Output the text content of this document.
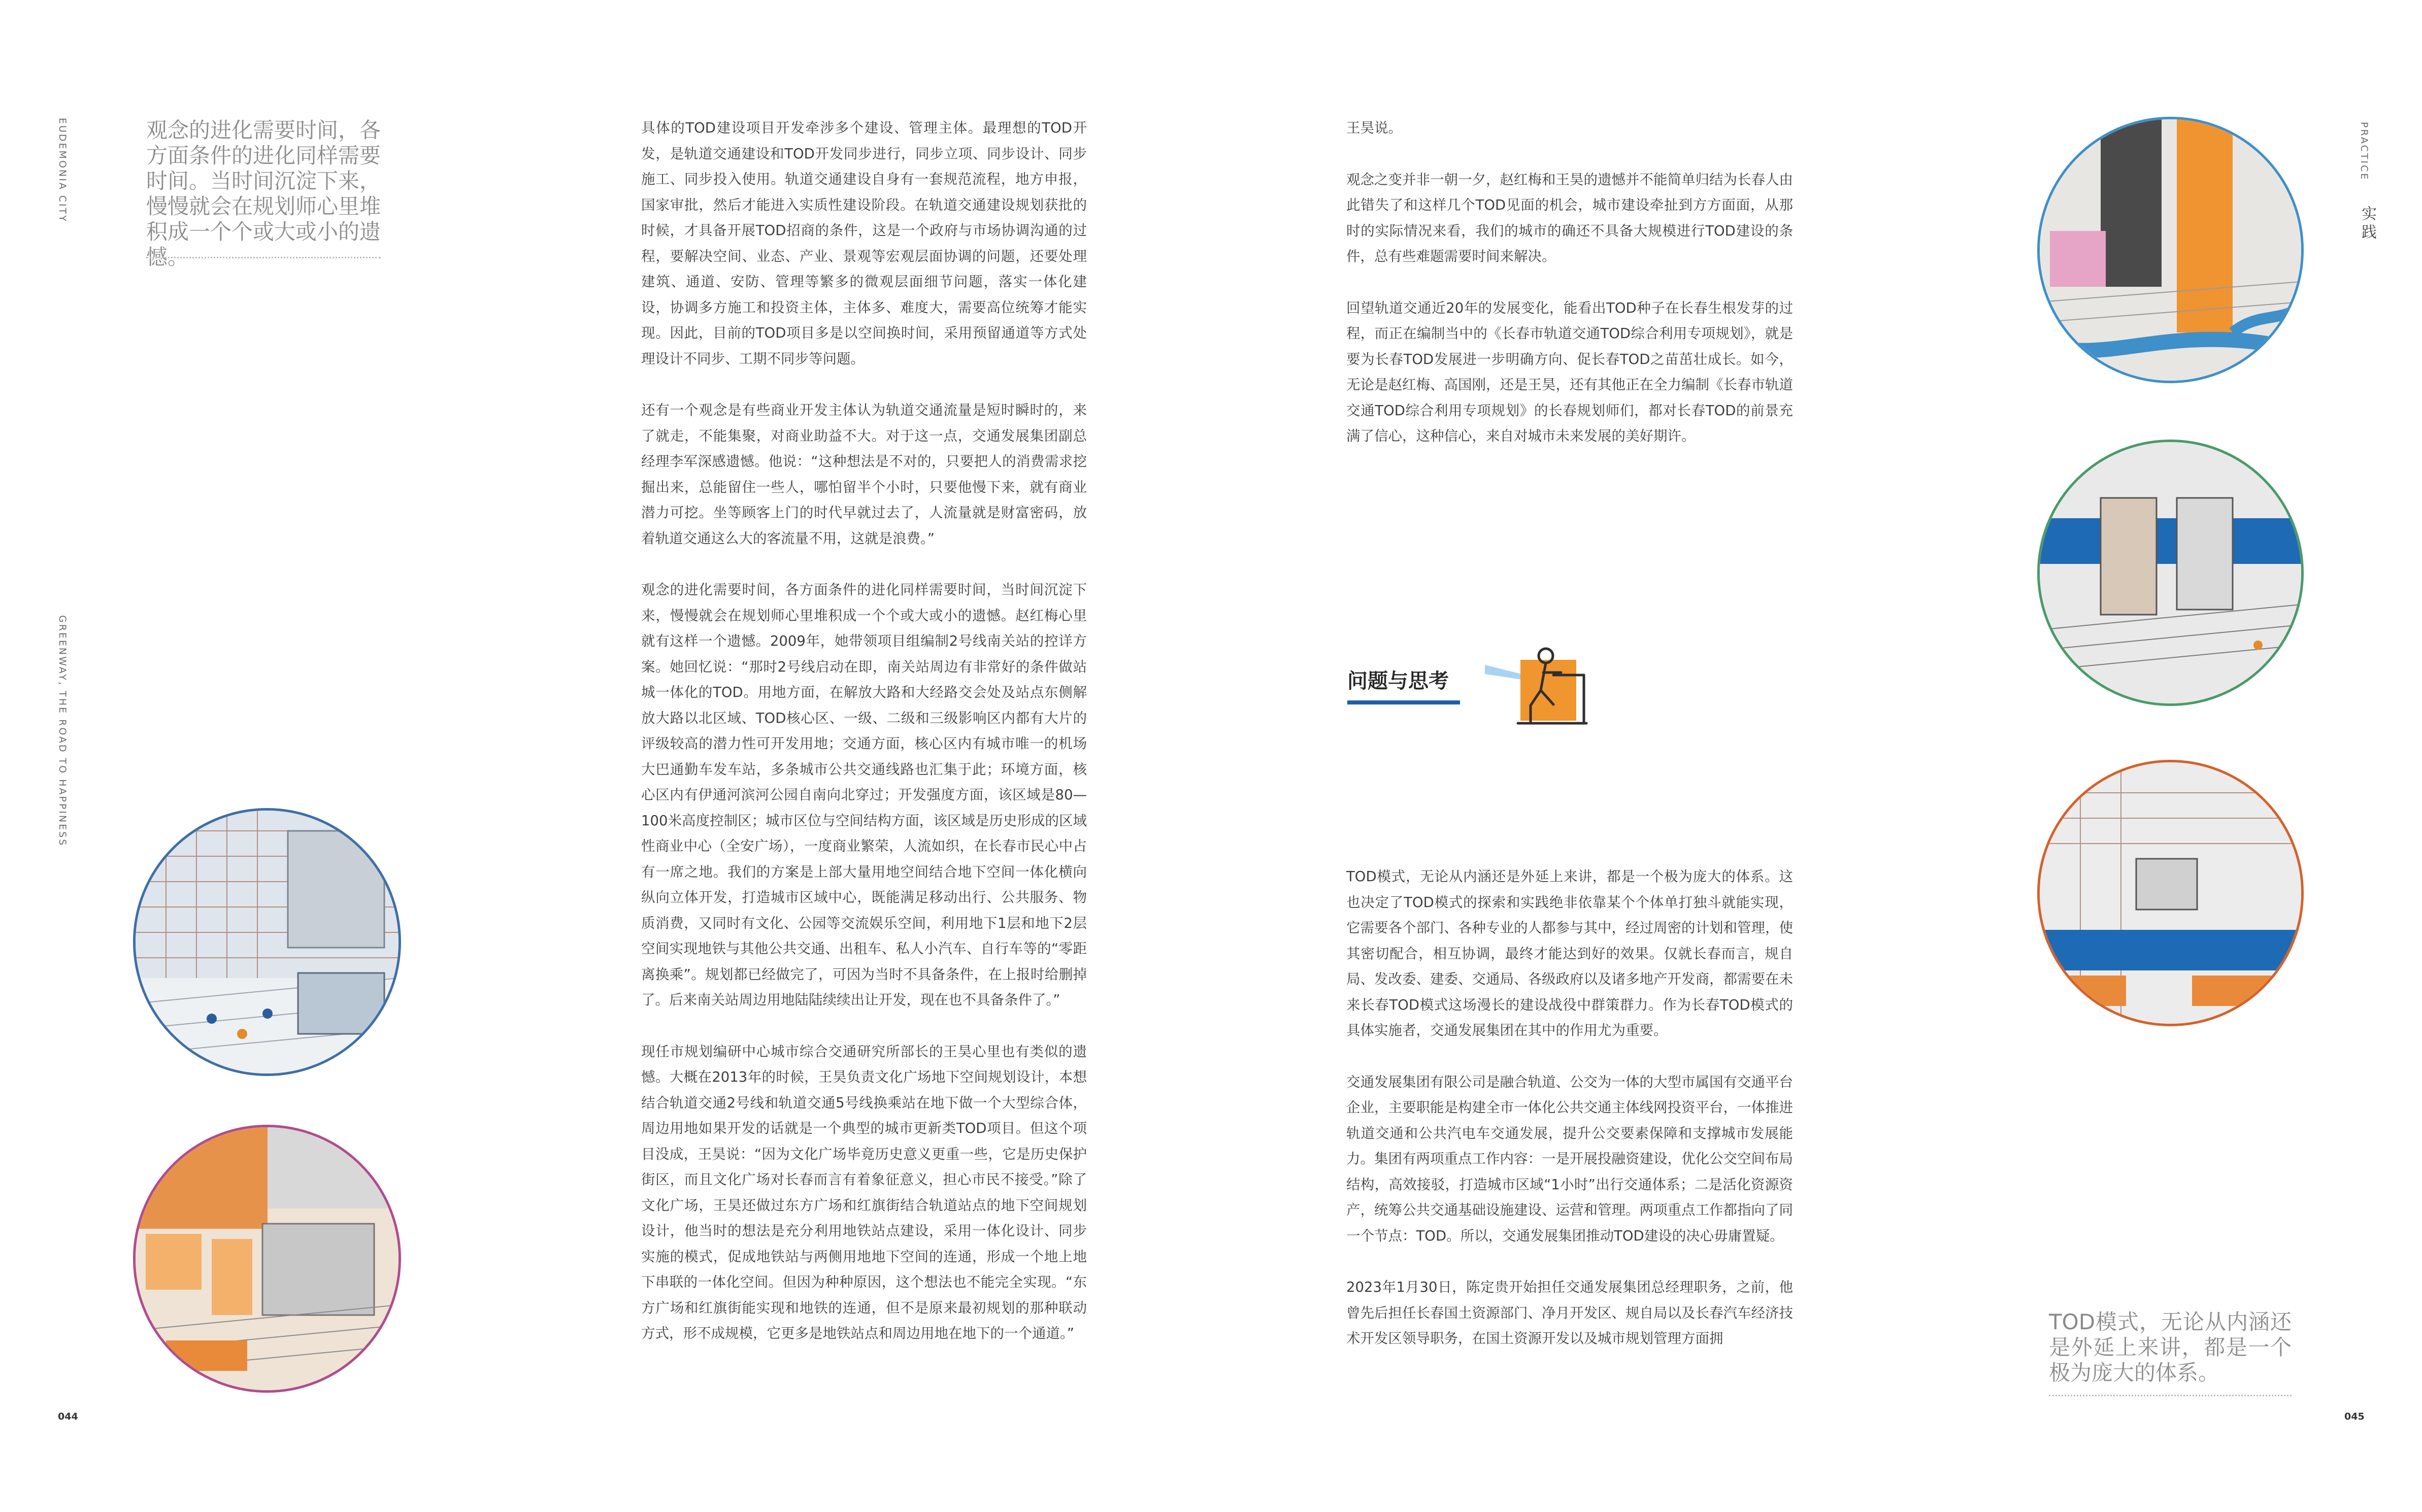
EUDEMONIA CITY
GREENWAY, THE ROAD TO HAPPINESS
观念的进化需要时间，各方面条件的进化同样需要时间。当时间沉淀下来，慢慢就会在规划师心里堆积成一个个或大或小的遗憾。

具体的TOD建设项目开发牵涉多个建设、管理主体。最理想的TOD开发，是轨道交通建设和TOD开发同步进行，同步立项、同步设计、同步施工、同步投入使用。轨道交通建设自身有一套规范流程，地方申报，国家审批，然后才能进入实质性建设阶段。在轨道交通建设规划获批的时候，才具备开展TOD招商的条件，这是一个政府与市场协调沟通的过程，要解决空间、业态、产业、景观等宏观层面协调的问题，还要处理建筑、通道、安防、管理等繁多的微观层面细节问题，落实一体化建设，协调多方施工和投资主体，主体多、难度大，需要高位统筹才能实现。因此，目前的TOD项目多是以空间换时间，采用预留通道等方式处理设计不同步、工期不同步等问题。

还有一个观念是有些商业开发主体认为轨道交通流量是短时瞬时的，来了就走，不能集聚，对商业助益不大。对于这一点，交通发展集团副总经理李军深感遗憾。他说：“这种想法是不对的，只要把人的消费需求挖掘出来，总能留住一些人，哪怕留半个小时，只要他慢下来，就有商业潜力可挖。坐等顾客上门的时代早就过去了，人流量就是财富密码，放着轨道交通这么大的客流量不用，这就是浪费。”

观念的进化需要时间，各方面条件的进化同样需要时间，当时间沉淀下来，慢慢就会在规划师心里堆积成一个个或大或小的遗憾。赵红梅心里就有这样一个遗憾。2009年，她带领项目组编制2号线南关站的控详方案。她回忆说：“那时2号线启动在即，南关站周边有非常好的条件做站城一体化的TOD。用地方面，在解放大路和大经路交会处及站点东侧解放大路以北区域、TOD核心区、一级、二级和三级影响区内都有大片的评级较高的潜力性可开发用地；交通方面，核心区内有城市唯一的机场大巴通勤车发车站，多条城市公共交通线路也汇集于此；环境方面，核心区内有伊通河滨河公园自南向北穿过；开发强度方面，该区域是80—100米高度控制区；城市区位与空间结构方面，该区域是历史形成的区域性商业中心（全安广场），一度商业繁荣，人流如织，在长春市民心中占有一席之地。我们的方案是上部大量用地空间结合地下空间一体化横向纵向立体开发，打造城市区域中心，既能满足移动出行、公共服务、物质消费，又同时有文化、公园等交流娱乐空间，利用地下1层和地下2层空间实现地铁与其他公共交通、出租车、私人小汽车、自行车等的“零距离换乘”。规划都已经做完了，可因为当时不具备条件，在上报时给删掉了。后来南关站周边用地陆陆续续出让开发，现在也不具备条件了。”

现任市规划编研中心城市综合交通研究所部长的王昊心里也有类似的遗憾。大概在2013年的时候，王昊负责文化广场地下空间规划设计，本想结合轨道交通2号线和轨道交通5号线换乘站在地下做一个大型综合体，周边用地如果开发的话就是一个典型的城市更新类TOD项目。但这个项目没成，王昊说：“因为文化广场毕竟历史意义更重一些，它是历史保护街区，而且文化广场对长春而言有着象征意义，担心市民不接受。”除了文化广场，王昊还做过东方广场和红旗街结合轨道站点的地下空间规划设计，他当时的想法是充分利用地铁站点建设，采用一体化设计、同步实施的模式，促成地铁站与两侧用地地下空间的连通，形成一个地上地下串联的一体化空间。但因为种种原因，这个想法也不能完全实现。“东方广场和红旗街能实现和地铁的连通，但不是原来最初规划的那种联动方式，形不成规模，它更多是地铁站点和周边用地在地下的一个通道。”

044

王昊说。

观念之变并非一朝一夕，赵红梅和王昊的遗憾并不能简单归结为长春人由此错失了和这样几个TOD见面的机会，城市建设牵扯到方方面面，从那时的实际情况来看，我们的城市的确还不具备大规模进行TOD建设的条件，总有些难题需要时间来解决。

回望轨道交通近20年的发展变化，能看出TOD种子在长春生根发芽的过程，而正在编制当中的《长春市轨道交通TOD综合利用专项规划》，就是要为长春TOD发展进一步明确方向、促长春TOD之苗茁壮成长。如今，无论是赵红梅、高国刚，还是王昊，还有其他正在全力编制《长春市轨道交通TOD综合利用专项规划》的长春规划师们，都对长春TOD的前景充满了信心，这种信心，来自对城市未来发展的美好期许。

问题与思考

TOD模式，无论从内涵还是外延上来讲，都是一个极为庞大的体系。这也决定了TOD模式的探索和实践绝非依靠某个个体单打独斗就能实现，它需要各个部门、各种专业的人都参与其中，经过周密的计划和管理，使其密切配合，相互协调，最终才能达到好的效果。仅就长春而言，规自局、发改委、建委、交通局、各级政府以及诸多地产开发商，都需要在未来长春TOD模式这场漫长的建设战役中群策群力。作为长春TOD模式的具体实施者，交通发展集团在其中的作用尤为重要。

交通发展集团有限公司是融合轨道、公交为一体的大型市属国有交通平台企业，主要职能是构建全市一体化公共交通主体线网投资平台，一体推进轨道交通和公共汽电车交通发展，提升公交要素保障和支撑城市发展能力。集团有两项重点工作内容：一是开展投融资建设，优化公交空间布局结构，高效接驳，打造城市区域“1小时”出行交通体系；二是活化资源资产，统筹公共交通基础设施建设、运营和管理。两项重点工作都指向了同一个节点：TOD。所以，交通发展集团推动TOD建设的决心毋庸置疑。

2023年1月30日，陈定贵开始担任交通发展集团总经理职务，之前，他曾先后担任长春国土资源部门、净月开发区、规自局以及长春汽车经济技术开发区领导职务，在国土资源开发以及城市规划管理方面拥

TOD模式，无论从内涵还是外延上来讲，都是一个极为庞大的体系。
PRACTICE
实践
045
